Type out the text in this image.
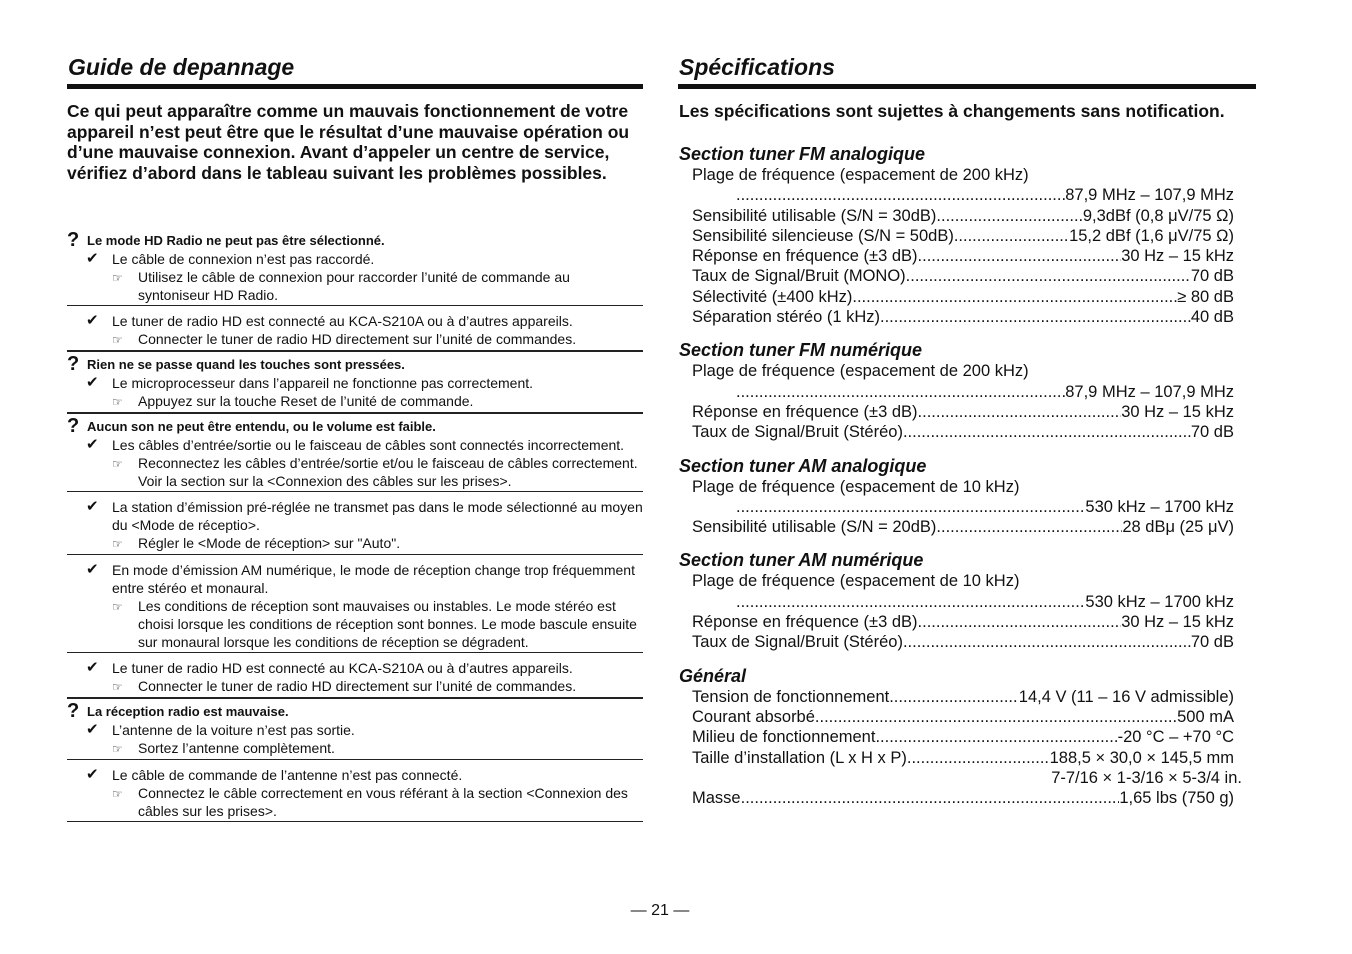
Guide de depannage
Ce qui peut apparaître comme un mauvais fonctionnement de votre appareil n’est peut être que le résultat d’une mauvaise opération ou d’une mauvaise connexion. Avant d’appeler un centre de service, vérifiez d’abord dans le tableau suivant les problèmes possibles.
? Le mode HD Radio ne peut pas être sélectionné.
✔ Le câble de connexion n’est pas raccordé.
☞	Utilisez le câble de connexion pour raccorder l’unité de commande au syntoniseur HD Radio.
✔ Le tuner de radio HD est connecté au KCA-S210A ou à d’autres appareils.
☞	Connecter le tuner de radio HD directement sur l’unité de commandes.
? Rien ne se passe quand les touches sont pressées.
✔ Le microprocesseur dans l’appareil ne fonctionne pas correctement.
☞	Appuyez sur la touche Reset de l’unité de commande.
? Aucun son ne peut être entendu, ou le volume est faible.
✔ Les câbles d’entrée/sortie ou le faisceau de câbles sont connectés incorrectement.
☞	Reconnectez les câbles d’entrée/sortie et/ou le faisceau de câbles correctement. Voir la section sur la <Connexion des câbles sur les prises>.
✔ La station d’émission pré-réglée ne transmet pas dans le mode sélectionné au moyen du <Mode de réceptio>.
☞	Régler le <Mode de réception> sur "Auto".
✔ En mode d’émission AM numérique, le mode de réception change trop fréquemment entre stéréo et monaural.
☞	Les conditions de réception sont mauvaises ou instables. Le mode stéréo est choisi lorsque les conditions de réception sont bonnes. Le mode bascule ensuite sur monaural lorsque les conditions de réception se dégradent.
✔ Le tuner de radio HD est connecté au KCA-S210A ou à d’autres appareils.
☞	Connecter le tuner de radio HD directement sur l’unité de commandes.
? La réception radio est mauvaise.
✔ L’antenne de la voiture n’est pas sortie.
☞	Sortez l’antenne complètement.
✔ Le câble de commande de l’antenne n’est pas connecté.
☞	Connectez le câble correctement en vous référant à la section <Connexion des câbles sur les prises>.
Spécifications
Les spécifications sont sujettes à changements sans notification.
Section tuner FM analogique
Plage de fréquence (espacement de 200 kHz)
.....
87,9 MHz – 107,9 MHz
Sensibilité utilisable (S/N = 30dB) .....	9,3dBf (0,8 μV/75 Ω)
Sensibilité silencieuse (S/N = 50dB) .....	15,2 dBf (1,6 μV/75 Ω)
Réponse en fréquence (±3 dB) .....	30 Hz – 15 kHz
Taux de Signal/Bruit (MONO) .....	70 dB
Sélectivité (±400 kHz) .....	≥ 80 dB
Séparation stéréo (1 kHz) .....	40 dB
Section tuner FM numérique
Plage de fréquence (espacement de 200 kHz)
.....
87,9 MHz – 107,9 MHz
Réponse en fréquence (±3 dB) .....	30 Hz – 15 kHz
Taux de Signal/Bruit (Stéréo) .....	70 dB
Section tuner AM analogique
Plage de fréquence (espacement de 10 kHz)
.....
530 kHz – 1700 kHz
Sensibilité utilisable (S/N = 20dB) .....	28 dBμ (25 μV)
Section tuner AM numérique
Plage de fréquence (espacement de 10 kHz)
.....
530 kHz – 1700 kHz
Réponse en fréquence (±3 dB) .....	30 Hz – 15 kHz
Taux de Signal/Bruit (Stéréo) .....	70 dB
Général
Tension de fonctionnement .....	14,4 V (11 – 16 V admissible)
Courant absorbé .....	500 mA
Milieu de fonctionnement .....	-20 °C – +70 °C
Taille d’installation (L x H x P) .....	188,5 × 30,0 × 145,5 mm
7-7/16 × 1-3/16 × 5-3/4 in.
Masse .....	1,65 lbs (750 g)
— 21 —
